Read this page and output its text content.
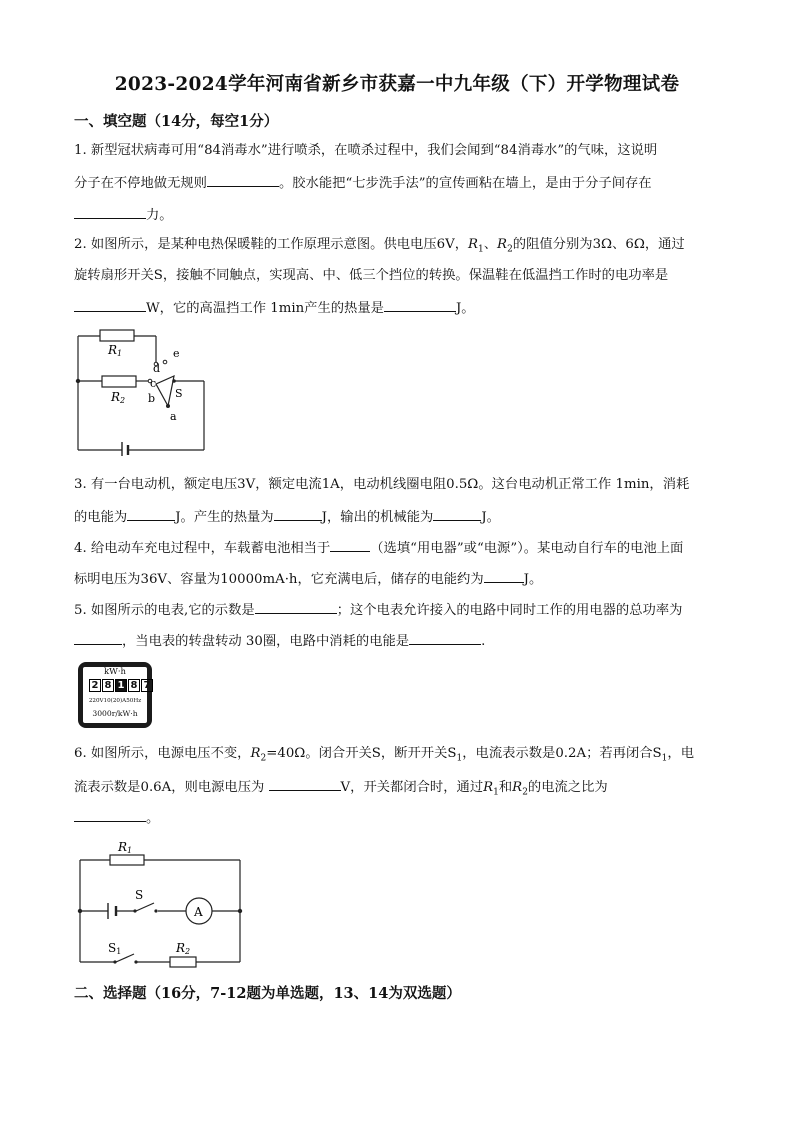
2023-2024学年河南省新乡市获嘉一中九年级（下）开学物理试卷
一、填空题（14分，每空1分）
1. 新型冠状病毒可用“84消毒水”进行喷杀，在喷杀过程中，我们会闻到“84消毒水”的气味，这说明
分子在不停地做无规则	。胶水能把“七步洗手法”的宣传画粘在墙上，是由于分子间存在
力。
2. 如图所示，是某种电热保暖鞋的工作原理示意图。供电电压6V，$R_1$、$R_2$的阻值分别为3Ω、6Ω，通过
旋转扇形开关S，接触不同触点，实现高、中、低三个挡位的转换。保温鞋在低温挡工作时的电功率是
W，它的高温挡工作 1min产生的热量是	J。
R1
R2
d
e
c
b S
a
3. 有一台电动机，额定电压3V，额定电流1A，电动机线圈电阻0.5Ω。这台电动机正常工作 1min，消耗
的电能为	J。产生的热量为	J，输出的机械能为	J。
4. 给电动车充电过程中，车载蓄电池相当于	（选填“用电器”或“电源”）。某电动自行车的电池上面
标明电压为36V、容量为10000mA·h，它充满电后，储存的电能约为	J。
5. 如图所示的电表,它的示数是	；这个电表允许接入的电路中同时工作的用电器的总功率为
，当电表的转盘转动 30圈，电路中消耗的电能是	.
kW·h
2 8 1 8 7
220V10(20)A50Hz
3000r/kW·h
6. 如图所示，电源电压不变，$R_2=40\Omega$。闭合开关S，断开开关$S_1$，电流表示数是0.2A；若再闭合$S_1$，电
流表示数是0.6A，则电源电压为	V，开关都闭合时，通过$R_1$和$R_2$的电流之比为
。
R1
S
A
S1	R2
二、选择题（16分，7-12题为单选题，13、14为双选题）
